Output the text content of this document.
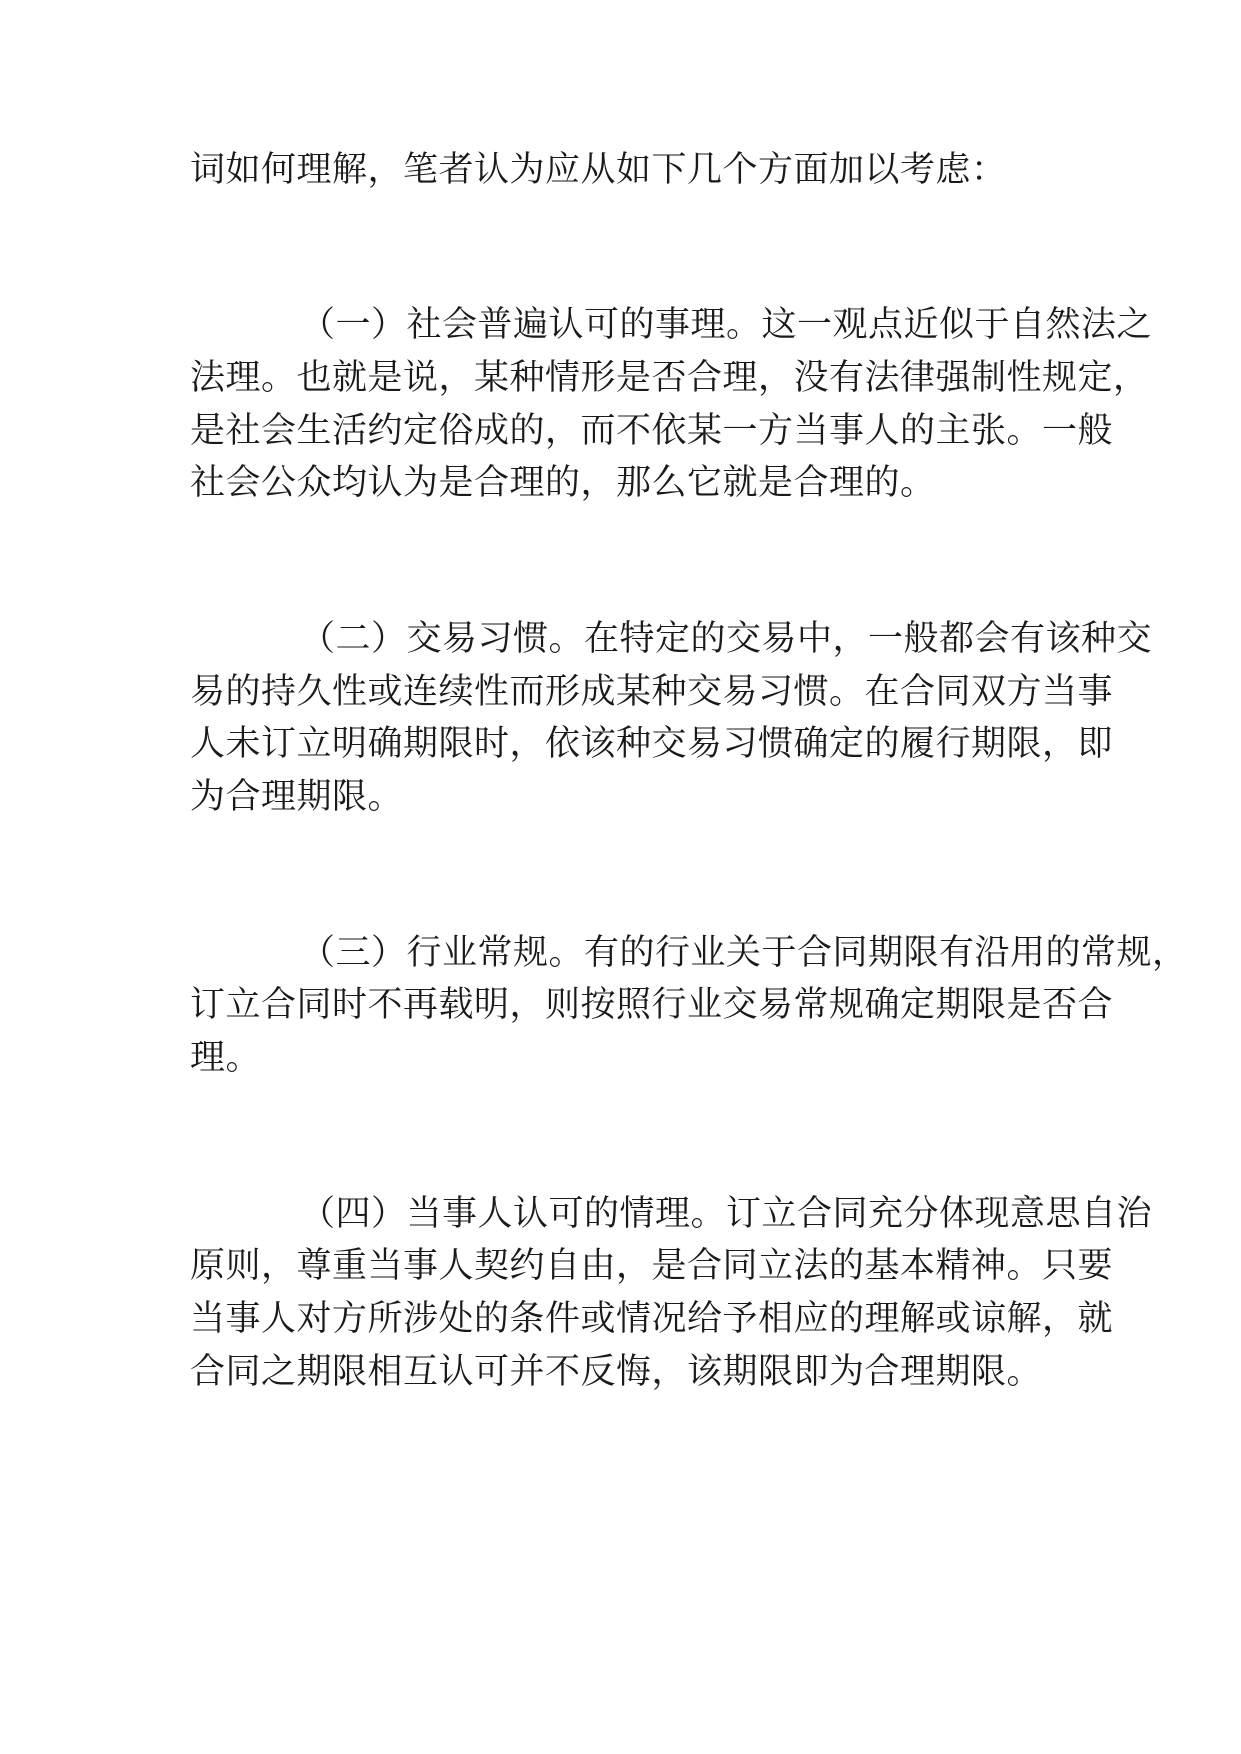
词如何理解，笔者认为应从如下几个方面加以考虑：
（一）社会普遍认可的事理。这一观点近似于自然法之
法理。也就是说，某种情形是否合理，没有法律强制性规定，
是社会生活约定俗成的，而不依某一方当事人的主张。一般
社会公众均认为是合理的，那么它就是合理的。
（二）交易习惯。在特定的交易中，一般都会有该种交
易的持久性或连续性而形成某种交易习惯。在合同双方当事
人未订立明确期限时，依该种交易习惯确定的履行期限，即
为合理期限。
（三）行业常规。有的行业关于合同期限有沿用的常规，
订立合同时不再载明，则按照行业交易常规确定期限是否合
理。
（四）当事人认可的情理。订立合同充分体现意思自治
原则，尊重当事人契约自由，是合同立法的基本精神。只要
当事人对方所涉处的条件或情况给予相应的理解或谅解，就
合同之期限相互认可并不反悔，该期限即为合理期限。
